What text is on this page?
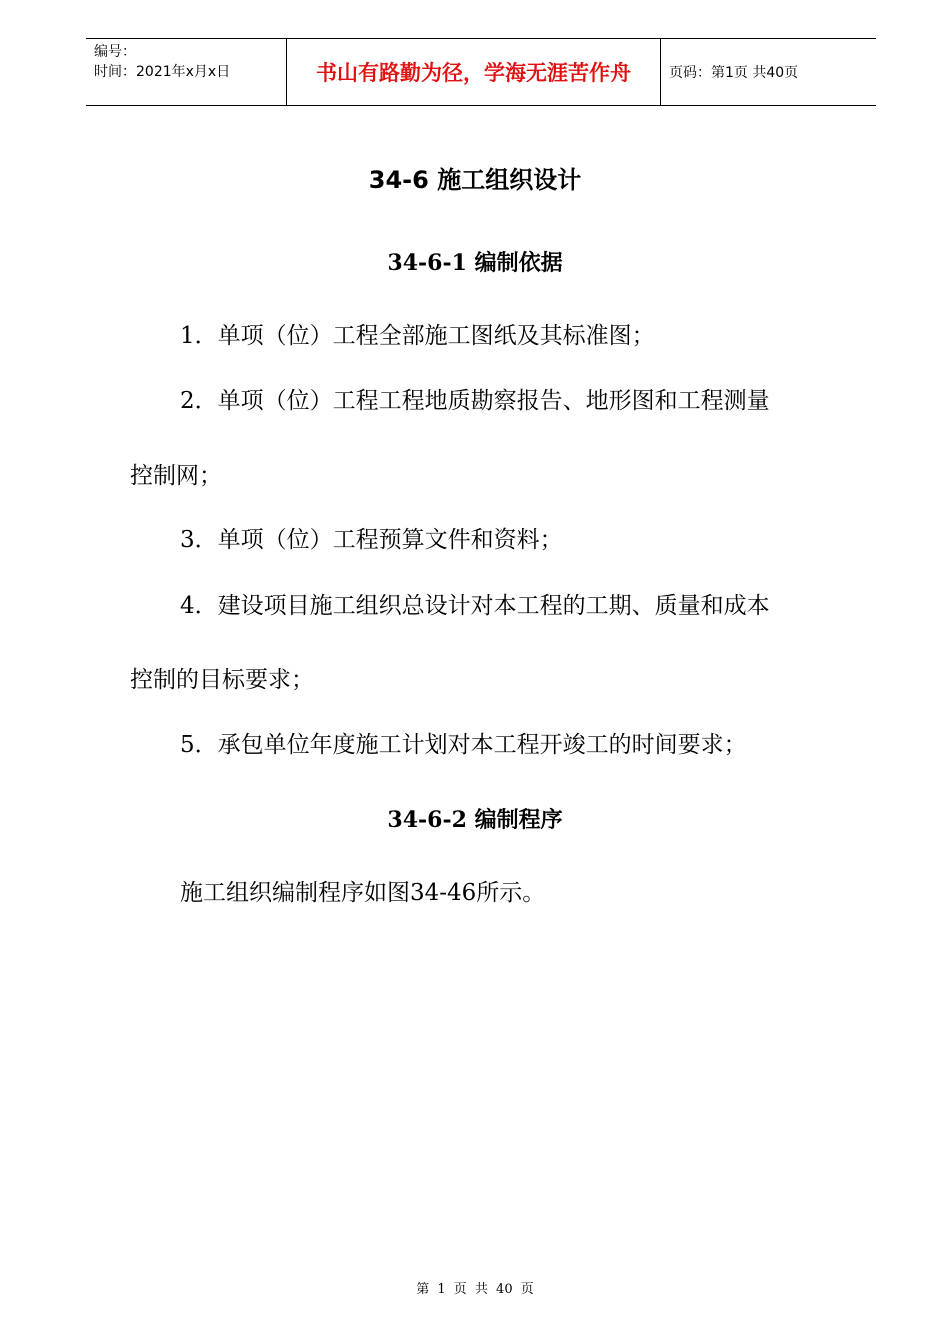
编号：
时间：2021年x月x日	书山有路勤为径，学海无涯苦作舟	页码：第1页 共40页
34-6 施工组织设计
34-6-1 编制依据
1．单项（位）工程全部施工图纸及其标准图；
2．单项（位）工程工程地质勘察报告、地形图和工程测量
控制网；
3．单项（位）工程预算文件和资料；
4．建设项目施工组织总设计对本工程的工期、质量和成本
控制的目标要求；
5．承包单位年度施工计划对本工程开竣工的时间要求；
34-6-2 编制程序
施工组织编制程序如图34-46所示。
第 1 页 共 40 页
